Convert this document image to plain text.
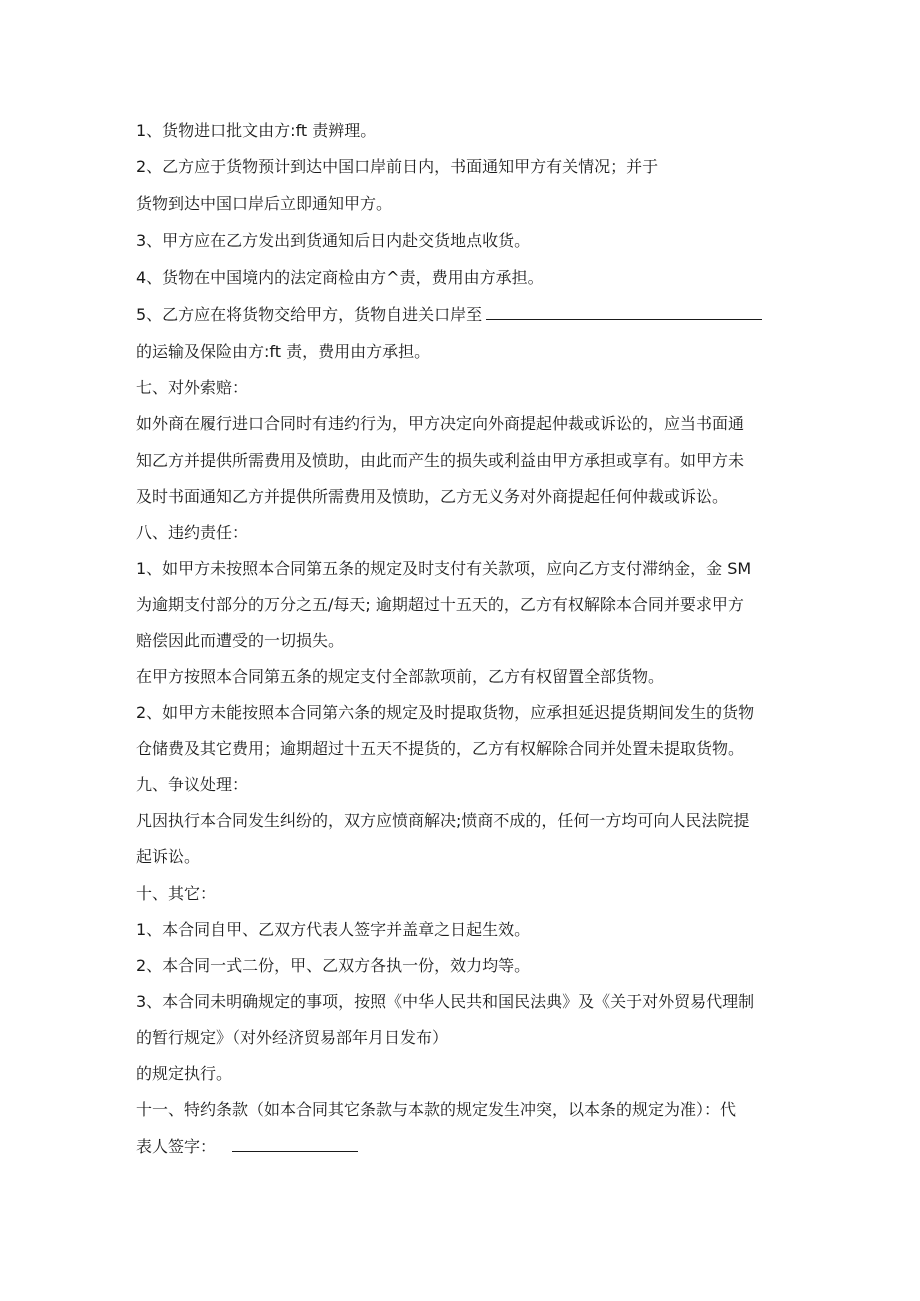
1、货物进口批文由方:ft 责辨理。
2、乙方应于货物预计到达中国口岸前日内，书面通知甲方有关情况；并于
货物到达中国口岸后立即通知甲方。
3、甲方应在乙方发出到货通知后日内赴交货地点收货。
4、货物在中国境内的法定商检由方^责，费用由方承担。
5、乙方应在将货物交给甲方，货物自进关口岸至
的运输及保险由方:ft 责，费用由方承担。
七、对外索赔：
如外商在履行进口合同时有违约行为，甲方决定向外商提起仲裁或诉讼的，应当书面通
知乙方并提供所需费用及愤助，由此而产生的损失或利益由甲方承担或享有。如甲方未
及时书面通知乙方并提供所需费用及愤助，乙方无义务对外商提起任何仲裁或诉讼。
八、违约责任：
1、如甲方未按照本合同第五条的规定及时支付有关款项，应向乙方支付滞纳金，金 SM
为逾期支付部分的万分之五/每天; 逾期超过十五天的，乙方有权解除本合同并要求甲方
赔偿因此而遭受的一切损失。
在甲方按照本合同第五条的规定支付全部款项前，乙方有权留置全部货物。
2、如甲方未能按照本合同第六条的规定及时提取货物，应承担延迟提货期间发生的货物
仓储费及其它费用；逾期超过十五天不提货的，乙方有权解除合同并处置未提取货物。
九、争议处理：
凡因执行本合同发生纠纷的，双方应愤商解决;愤商不成的，任何一方均可向人民法院提
起诉讼。
十、其它：
1、本合同自甲、乙双方代表人签字并盖章之日起生效。
2、本合同一式二份，甲、乙双方各执一份，效力均等。
3、本合同未明确规定的事项，按照《中华人民共和国民法典》及《关于对外贸易代理制
的暂行规定》（对外经济贸易部年月日发布）
的规定执行。
十一、特约条款（如本合同其它条款与本款的规定发生冲突，以本条的规定为准）：代
表人签字：
